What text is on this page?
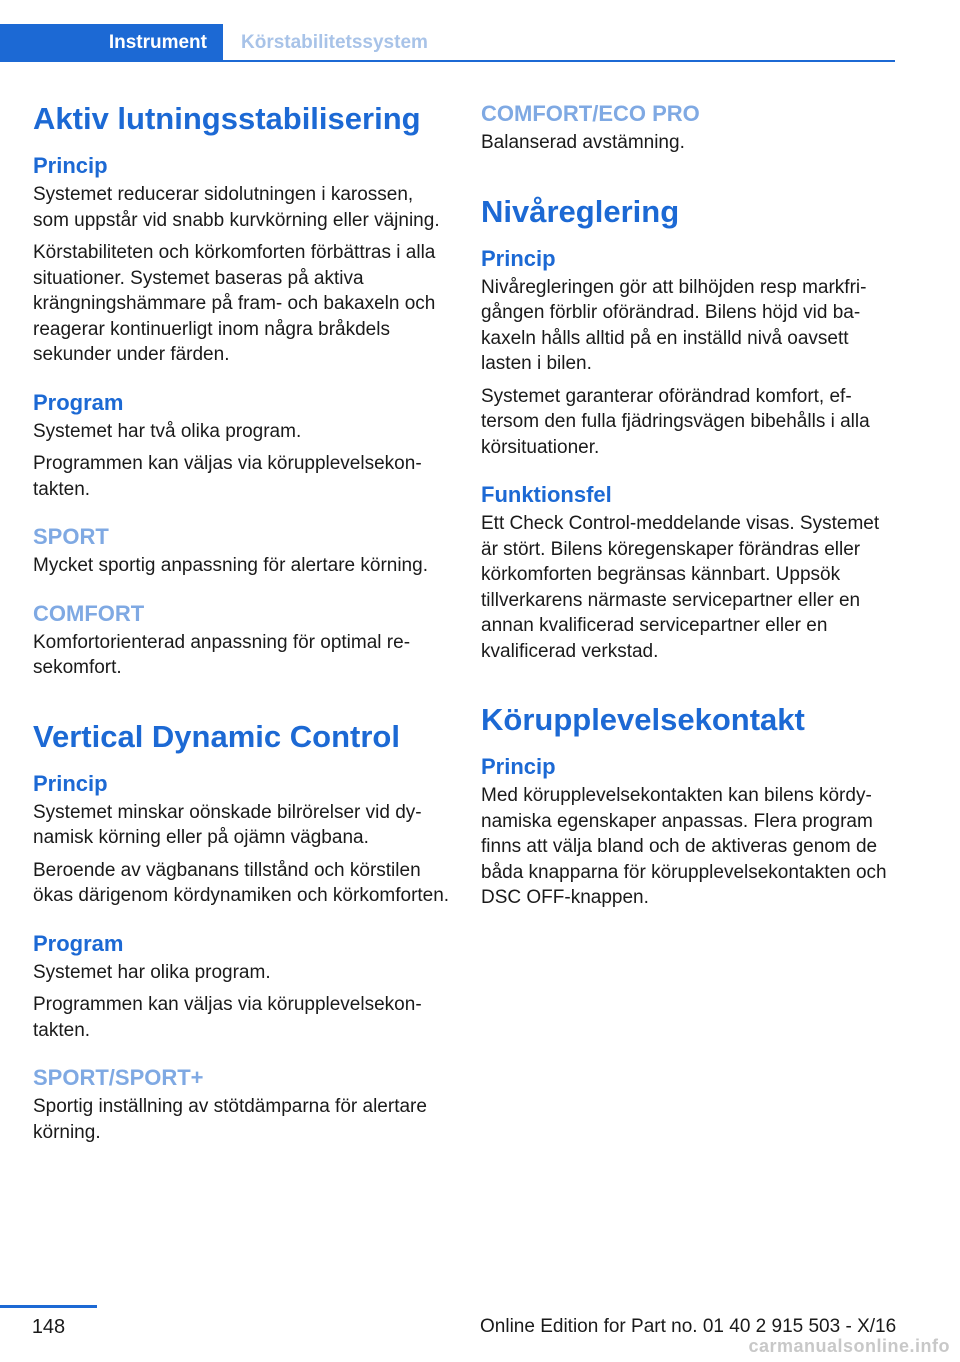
Instrument	Körstabilitetssystem
Aktiv lutningsstabilisering
Princip

Systemet reducerar sidolutningen i karossen, som uppstår vid snabb kurvkörning eller väjning.

Körstabiliteten och körkomforten förbättras i alla situationer. Systemet baseras på aktiva krängningshämmare på fram- och bakaxeln och reagerar kontinuerligt inom några bråkdels sekunder under färden.

Program

Systemet har två olika program.

Programmen kan väljas via körupplevelsekontakten.

SPORT

Mycket sportig anpassning för alertare körning.

COMFORT

Komfortorienterad anpassning för optimal resekomfort.

Vertical Dynamic Control
Princip

Systemet minskar oönskade bilrörelser vid dynamisk körning eller på ojämn vägbana.

Beroende av vägbanans tillstånd och körstilen ökas därigenom kördynamiken och körkomforten.

Program

Systemet har olika program.

Programmen kan väljas via körupplevelsekontakten.

SPORT/SPORT+

Sportig inställning av stötdämparna för alertare körning.

COMFORT/ECO PRO

Balanserad avstämning.

Nivåreglering
Princip

Nivåregleringen gör att bilhöjden resp markfrigången förblir oförändrad. Bilens höjd vid bakaxeln hålls alltid på en inställd nivå oavsett lasten i bilen.

Systemet garanterar oförändrad komfort, eftersom den fulla fjädringsvägen bibehålls i alla körsituationer.

Funktionsfel

Ett Check Control-meddelande visas. Systemet är stört. Bilens köregenskaper förändras eller körkomforten begränsas kännbart. Uppsök tillverkarens närmaste servicepartner eller en annan kvalificerad servicepartner eller en kvalificerad verkstad.

Körupplevelsekontakt
Princip

Med körupplevelsekontakten kan bilens kördynamiska egenskaper anpassas. Flera program finns att välja bland och de aktiveras genom de båda knapparna för körupplevelsekontakten och DSC OFF-knappen.

148	Online Edition for Part no. 01 40 2 915 503 - X/16
carmanualsonline.info
